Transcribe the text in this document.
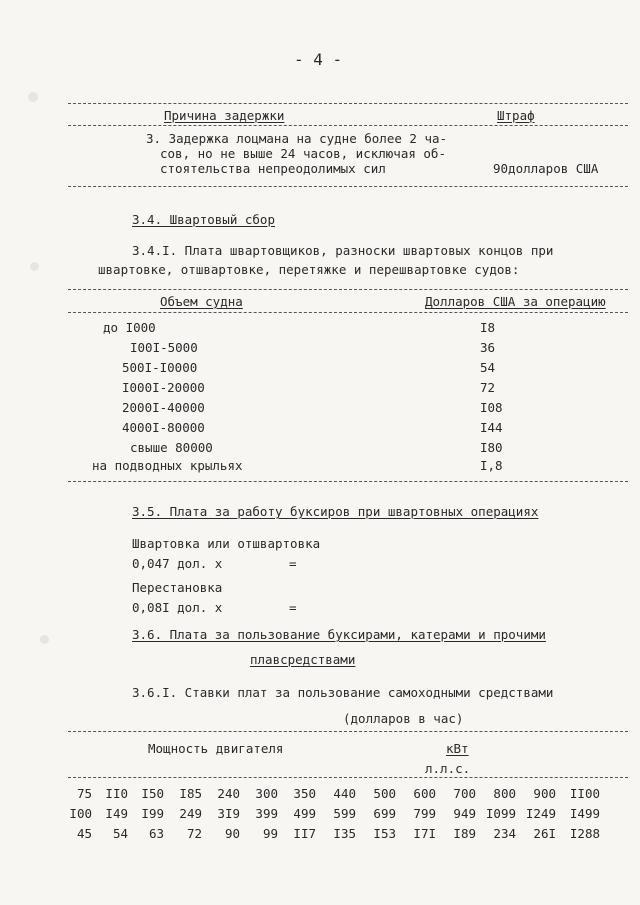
- 4 -
Причина задержки	Штраф
3. Задержка лоцмана на судне более 2 ча-
сов, но не выше 24 часов, исключая об-
стоятельства непреодолимых сил	90долларов США
3.4. Швартовый сбор
3.4.I. Плата швартовщиков, разноски швартовых концов при
швартовке, отшвартовке, перетяжке и перешвартовке судов:
Объем судна	Долларов США за операцию
до I000	I8
I00I-5000	36
500I-I0000	54
I000I-20000	72
2000I-40000	I08
4000I-80000	I44
свыше 80000	I80
на подводных крыльях	I,8
3.5. Плата за работу буксиров при швартовных операциях
Швартовка или отшвартовка
0,047 дол. x	=
Перестановка
0,08I дол. x	=
3.6. Плата за пользование буксирами, катерами и прочими
плавсредствами
3.6.I. Ставки плат за пользование самоходными средствами
(долларов в час)
Мощность двигателя	кВт
л.л.с.
75	II0	I50	I85	240	300	350	440	500	600	700	800	900	II00
I00	I49	I99	249	3I9	399	499	599	699	799	949 I099 I249	I499
45	54	63	72	90	99	II7	I35	I53	I7I	I89	234	26I	I288
